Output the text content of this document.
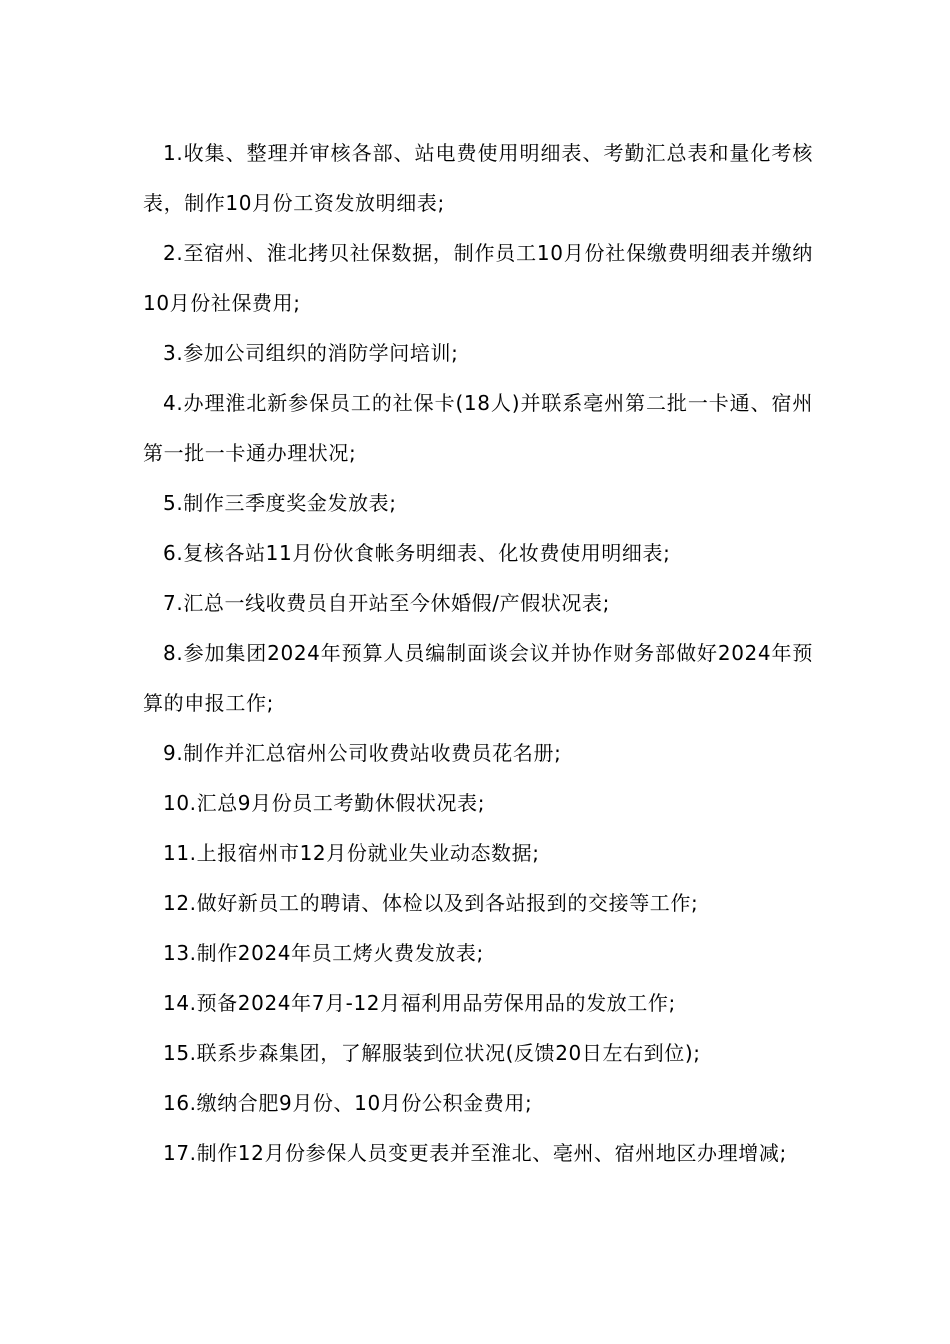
1.收集、整理并审核各部、站电费使用明细表、考勤汇总表和量化考核表，制作10月份工资发放明细表;

2.至宿州、淮北拷贝社保数据，制作员工10月份社保缴费明细表并缴纳10月份社保费用;

3.参加公司组织的消防学问培训;

4.办理淮北新参保员工的社保卡(18人)并联系亳州第二批一卡通、宿州第一批一卡通办理状况;

5.制作三季度奖金发放表;

6.复核各站11月份伙食帐务明细表、化妆费使用明细表;

7.汇总一线收费员自开站至今休婚假/产假状况表;

8.参加集团2024年预算人员编制面谈会议并协作财务部做好2024年预算的申报工作;

9.制作并汇总宿州公司收费站收费员花名册;

10.汇总9月份员工考勤休假状况表;

11.上报宿州市12月份就业失业动态数据;

12.做好新员工的聘请、体检以及到各站报到的交接等工作;

13.制作2024年员工烤火费发放表;

14.预备2024年7月-12月福利用品劳保用品的发放工作;

15.联系步森集团，了解服装到位状况(反馈20日左右到位);

16.缴纳合肥9月份、10月份公积金费用;

17.制作12月份参保人员变更表并至淮北、亳州、宿州地区办理增减;
